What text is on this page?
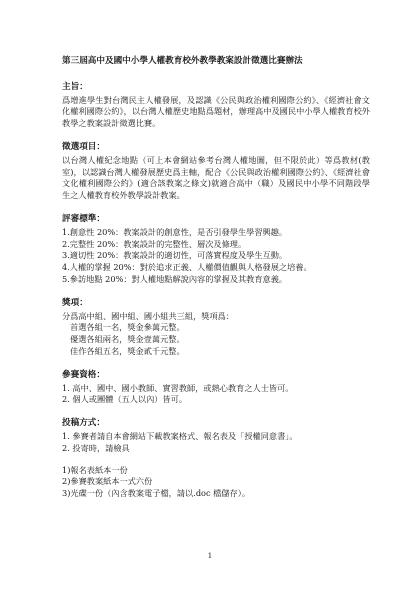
第三屆高中及國中小學人權教育校外教學教案設計徵選比賽辦法
主旨：
爲增進學生對台灣民主人權發展，及認識《公民與政治權利國際公約》、《經濟社會文化權利國際公約》，以台灣人權歷史地點爲題材，辦理高中及國民中小學人權教育校外教學之教案設計徵選比賽。
徵選項目：
以台灣人權紀念地點（可上本會網站參考台灣人權地圖，但不限於此）等爲教材(教室)，以認識台灣人權發展歷史爲主軸，配合《公民與政治權利國際公約》、《經濟社會文化權利國際公約》(適合該教案之條文)就適合高中（職）及國民中小學不同階段學生之人權教育校外教學設計教案。
評審標準：
1.創意性 20%：教案設計的創意性，是否引發學生學習興趣。
2.完整性 20%：教案設計的完整性、層次及條理。
3.適切性 20%：教案設計的適切性，可落實程度及學生互動。
4.人權的掌握 20%：對於追求正義、人權價值觀與人格發展之培養。
5.參訪地點 20%：對人權地點解說內容的掌握及其教育意義。
獎項：
分爲高中組、國中組、國小組共三組，獎項爲：
首選各組一名，獎金參萬元整。
優選各組兩名，獎金壹萬元整。
佳作各組五名，獎金貳千元整。
參賽資格：
1. 高中、國中、國小教師、實習教師，或熱心教育之人士皆可。
2. 個人或團體（五人以內）皆可。
投稿方式：
1. 參賽者請自本會網站下載教案格式、報名表及「授權同意書」。
2. 投寄時，請檢具
1)報名表紙本一份
2)參賽教案紙本一式六份
3)光碟一份（內含教案電子檔，請以.doc 檔儲存）。
1
